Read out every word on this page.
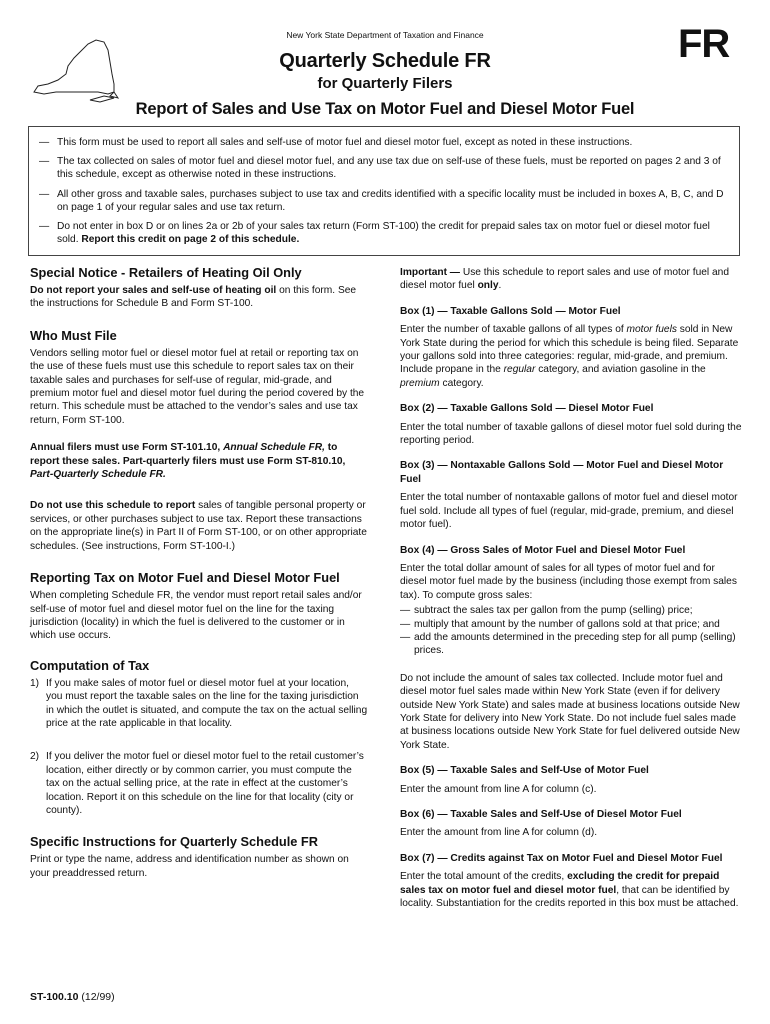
New York State Department of Taxation and Finance
Quarterly Schedule FR
for Quarterly Filers
FR
Report of Sales and Use Tax on Motor Fuel and Diesel Motor Fuel
— This form must be used to report all sales and self-use of motor fuel and diesel motor fuel, except as noted in these instructions.
— The tax collected on sales of motor fuel and diesel motor fuel, and any use tax due on self-use of these fuels, must be reported on pages 2 and 3 of this schedule, except as otherwise noted in these instructions.
— All other gross and taxable sales, purchases subject to use tax and credits identified with a specific locality must be included in boxes A, B, C, and D on page 1 of your regular sales and use tax return.
— Do not enter in box D or on lines 2a or 2b of your sales tax return (Form ST-100) the credit for prepaid sales tax on motor fuel or diesel motor fuel sold. Report this credit on page 2 of this schedule.
Special Notice - Retailers of Heating Oil Only

Do not report your sales and self-use of heating oil on this form. See the instructions for Schedule B and Form ST-100.

Who Must File

Vendors selling motor fuel or diesel motor fuel at retail or reporting tax on the use of these fuels must use this schedule to report sales tax on their taxable sales and purchases for self-use of regular, mid-grade, and premium motor fuel and diesel motor fuel during the period covered by the return. This schedule must be attached to the vendor’s sales and use tax return, Form ST-100.

Annual filers must use Form ST-101.10, Annual Schedule FR, to report these sales. Part-quarterly filers must use Form ST-810.10, Part-Quarterly Schedule FR.

Do not use this schedule to report sales of tangible personal property or services, or other purchases subject to use tax. Report these transactions on the appropriate line(s) in Part II of Form ST-100, or on other appropriate schedules. (See instructions, Form ST-100-I.)

Reporting Tax on Motor Fuel and Diesel Motor Fuel

When completing Schedule FR, the vendor must report retail sales and/or self-use of motor fuel and diesel motor fuel on the line for the taxing jurisdiction (locality) in which the fuel is delivered to the customer or in which use occurs.

Computation of Tax
1) If you make sales of motor fuel or diesel motor fuel at your location, you must report the taxable sales on the line for the taxing jurisdiction in which the outlet is situated, and compute the tax on the actual selling price at the rate applicable in that locality.
2) If you deliver the motor fuel or diesel motor fuel to the retail customer’s location, either directly or by common carrier, you must compute the tax on the actual selling price, at the rate in effect at the customer’s location. Report it on this schedule on the line for that locality (city or county).
Specific Instructions for Quarterly Schedule FR

Print or type the name, address and identification number as shown on your preaddressed return.

Important — Use this schedule to report sales and use of motor fuel and diesel motor fuel only.

Box (1) — Taxable Gallons Sold — Motor Fuel

Enter the number of taxable gallons of all types of motor fuels sold in New York State during the period for which this schedule is being filed. Separate your gallons sold into three categories: regular, mid-grade, and premium. Include propane in the regular category, and aviation gasoline in the premium category.

Box (2) — Taxable Gallons Sold — Diesel Motor Fuel

Enter the total number of taxable gallons of diesel motor fuel sold during the reporting period.

Box (3) — Nontaxable Gallons Sold — Motor Fuel and Diesel Motor Fuel

Enter the total number of nontaxable gallons of motor fuel and diesel motor fuel sold. Include all types of fuel (regular, mid-grade, premium, and diesel motor fuel).

Box (4) — Gross Sales of Motor Fuel and Diesel Motor Fuel

Enter the total dollar amount of sales for all types of motor fuel and for diesel motor fuel made by the business (including those exempt from sales tax). To compute gross sales:

— subtract the sales tax per gallon from the pump (selling) price;
— multiply that amount by the number of gallons sold at that price; and
— add the amounts determined in the preceding step for all pump (selling) prices.

Do not include the amount of sales tax collected. Include motor fuel and diesel motor fuel sales made within New York State (even if for delivery outside New York State) and sales made at business locations outside New York State for delivery into New York State. Do not include fuel sales made at business locations outside New York State for fuel delivered outside New York State.

Box (5) — Taxable Sales and Self-Use of Motor Fuel

Enter the amount from line A for column (c).

Box (6) — Taxable Sales and Self-Use of Diesel Motor Fuel

Enter the amount from line A for column (d).

Box (7) — Credits against Tax on Motor Fuel and Diesel Motor Fuel

Enter the total amount of the credits, excluding the credit for prepaid sales tax on motor fuel and diesel motor fuel, that can be identified by locality. Substantiation for the credits reported in this box must be attached.

ST-100.10 (12/99)
